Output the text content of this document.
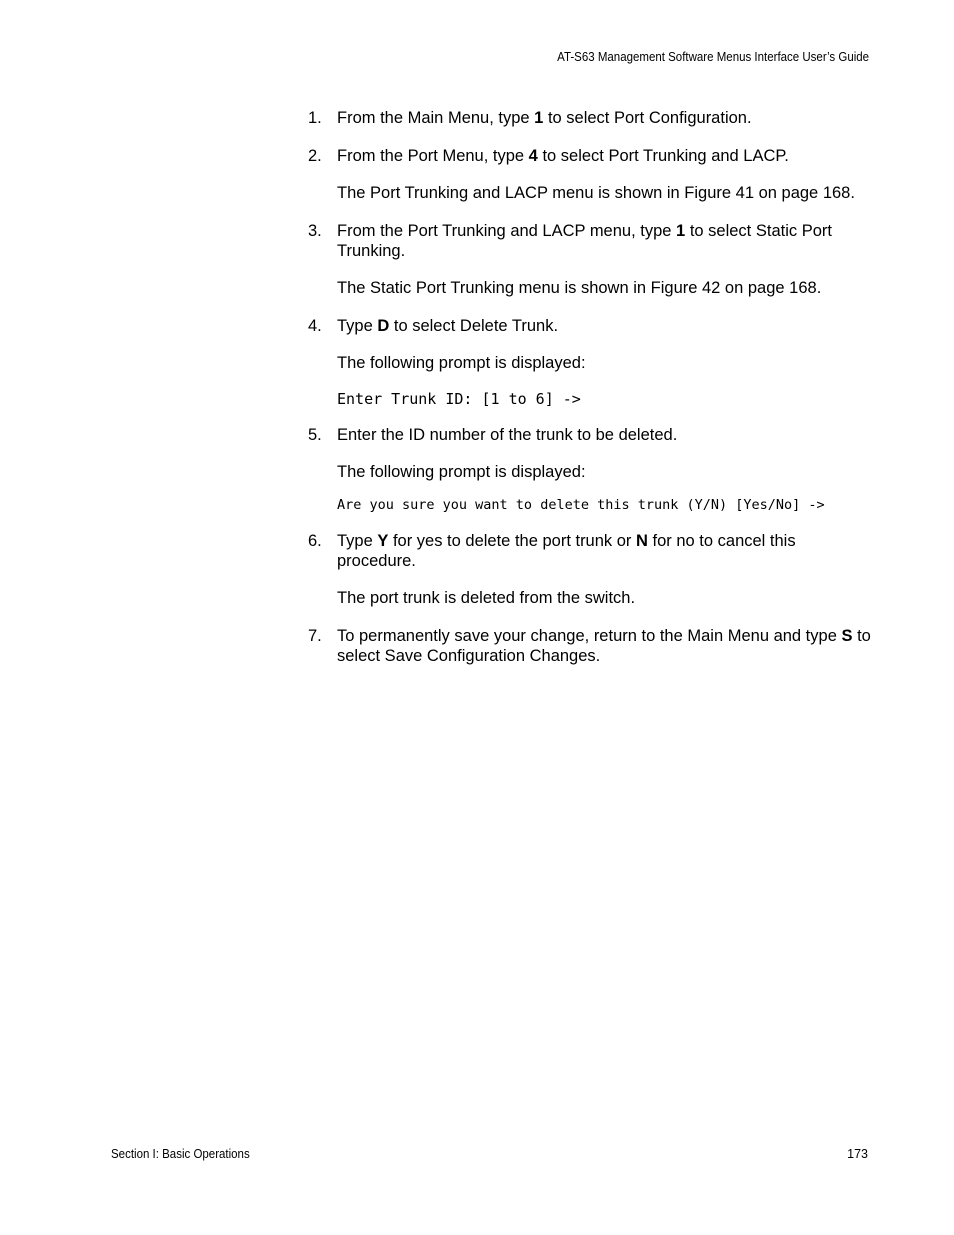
AT-S63 Management Software Menus Interface User’s Guide
1. From the Main Menu, type 1 to select Port Configuration.
2. From the Port Menu, type 4 to select Port Trunking and LACP.
The Port Trunking and LACP menu is shown in Figure 41 on page 168.
3. From the Port Trunking and LACP menu, type 1 to select Static Port Trunking.
The Static Port Trunking menu is shown in Figure 42 on page 168.
4. Type D to select Delete Trunk.
The following prompt is displayed:
Enter Trunk ID: [1 to 6] ->
5. Enter the ID number of the trunk to be deleted.
The following prompt is displayed:
Are you sure you want to delete this trunk (Y/N) [Yes/No] ->
6. Type Y for yes to delete the port trunk or N for no to cancel this procedure.
The port trunk is deleted from the switch.
7. To permanently save your change, return to the Main Menu and type S to select Save Configuration Changes.
Section I: Basic Operations	173
